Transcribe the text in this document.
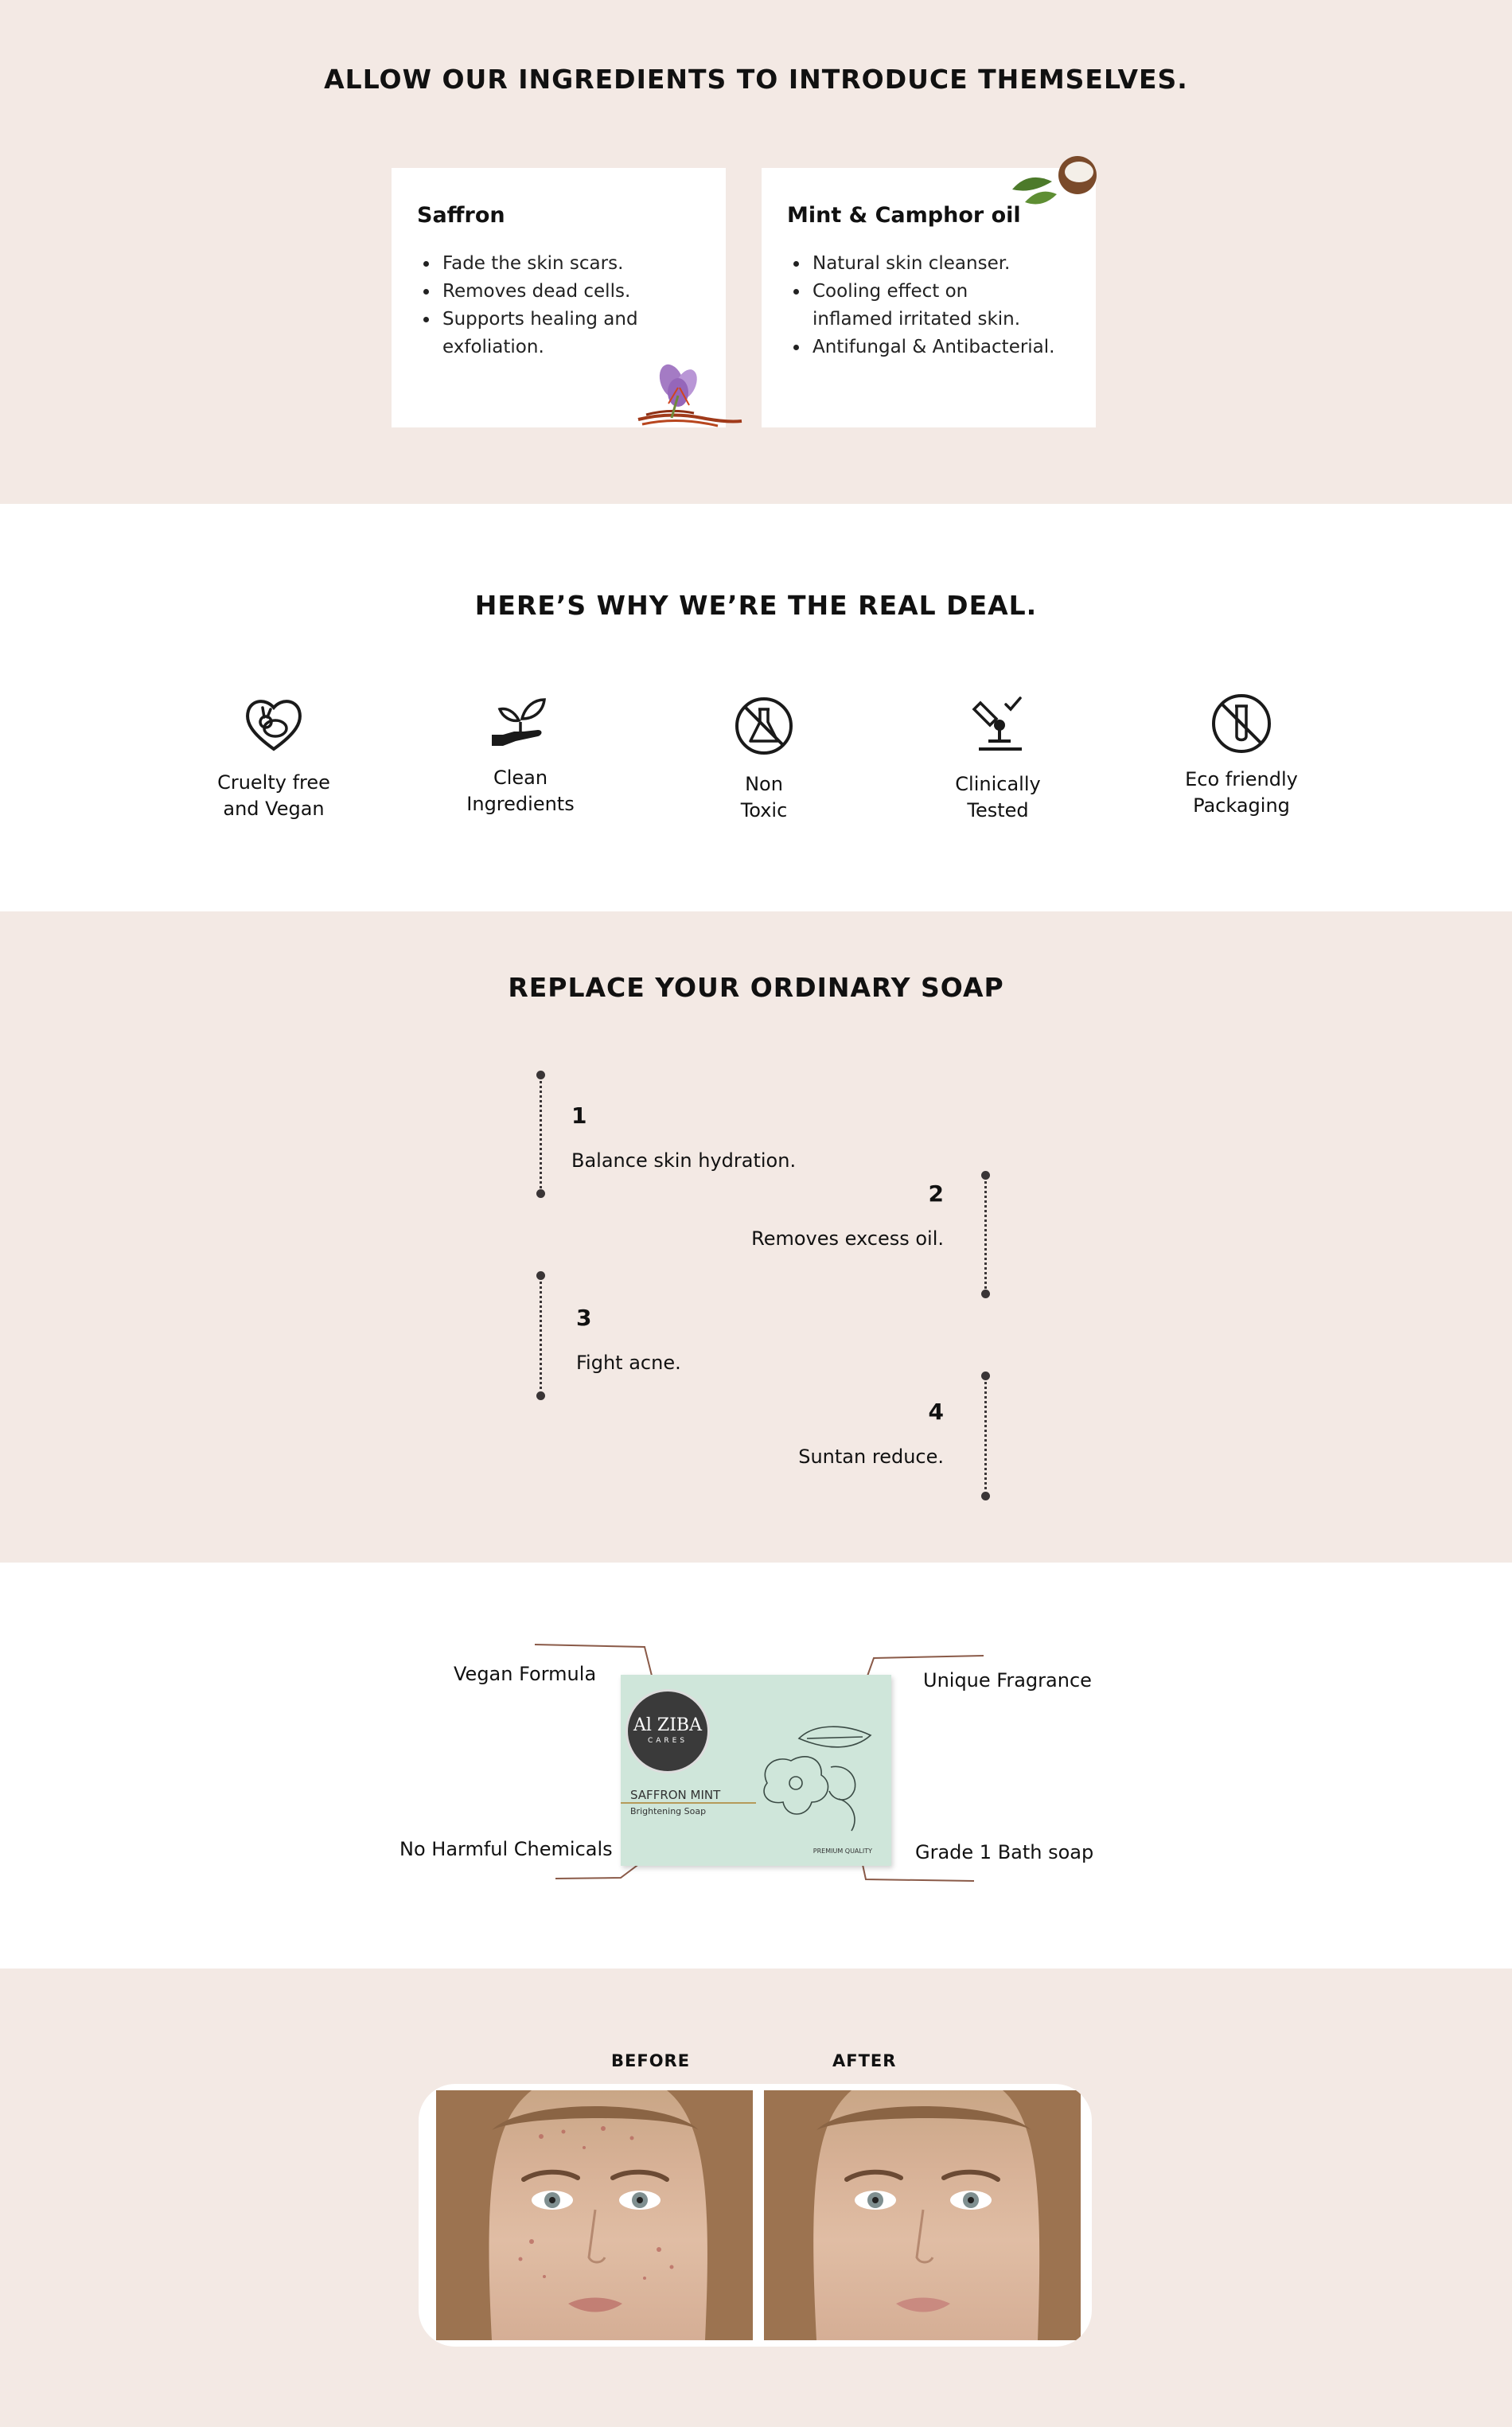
ALLOW OUR INGREDIENTS TO INTRODUCE THEMSELVES.
Saffron
• Fade the skin scars.
• Removes dead cells.
• Supports healing and exfoliation.
Mint & Camphor oil
• Natural skin cleanser.
• Cooling effect on inflamed irritated skin.
• Antifungal & Antibacterial.
HERE’S WHY WE’RE THE REAL DEAL.
Cruelty free
and Vegan
Clean
Ingredients
Non
Toxic
Clinically
Tested
Eco friendly
Packaging
REPLACE YOUR ORDINARY SOAP
1
Balance skin hydration.
2
Removes excess oil.
3
Fight acne.
4
Suntan reduce.
Vegan Formula	Unique Fragrance
No Harmful Chemicals	Grade 1 Bath soap
Al ZIBA
CARES
SAFFRON MINT
Brightening Soap
PREMIUM QUALITY
BEFORE	AFTER
